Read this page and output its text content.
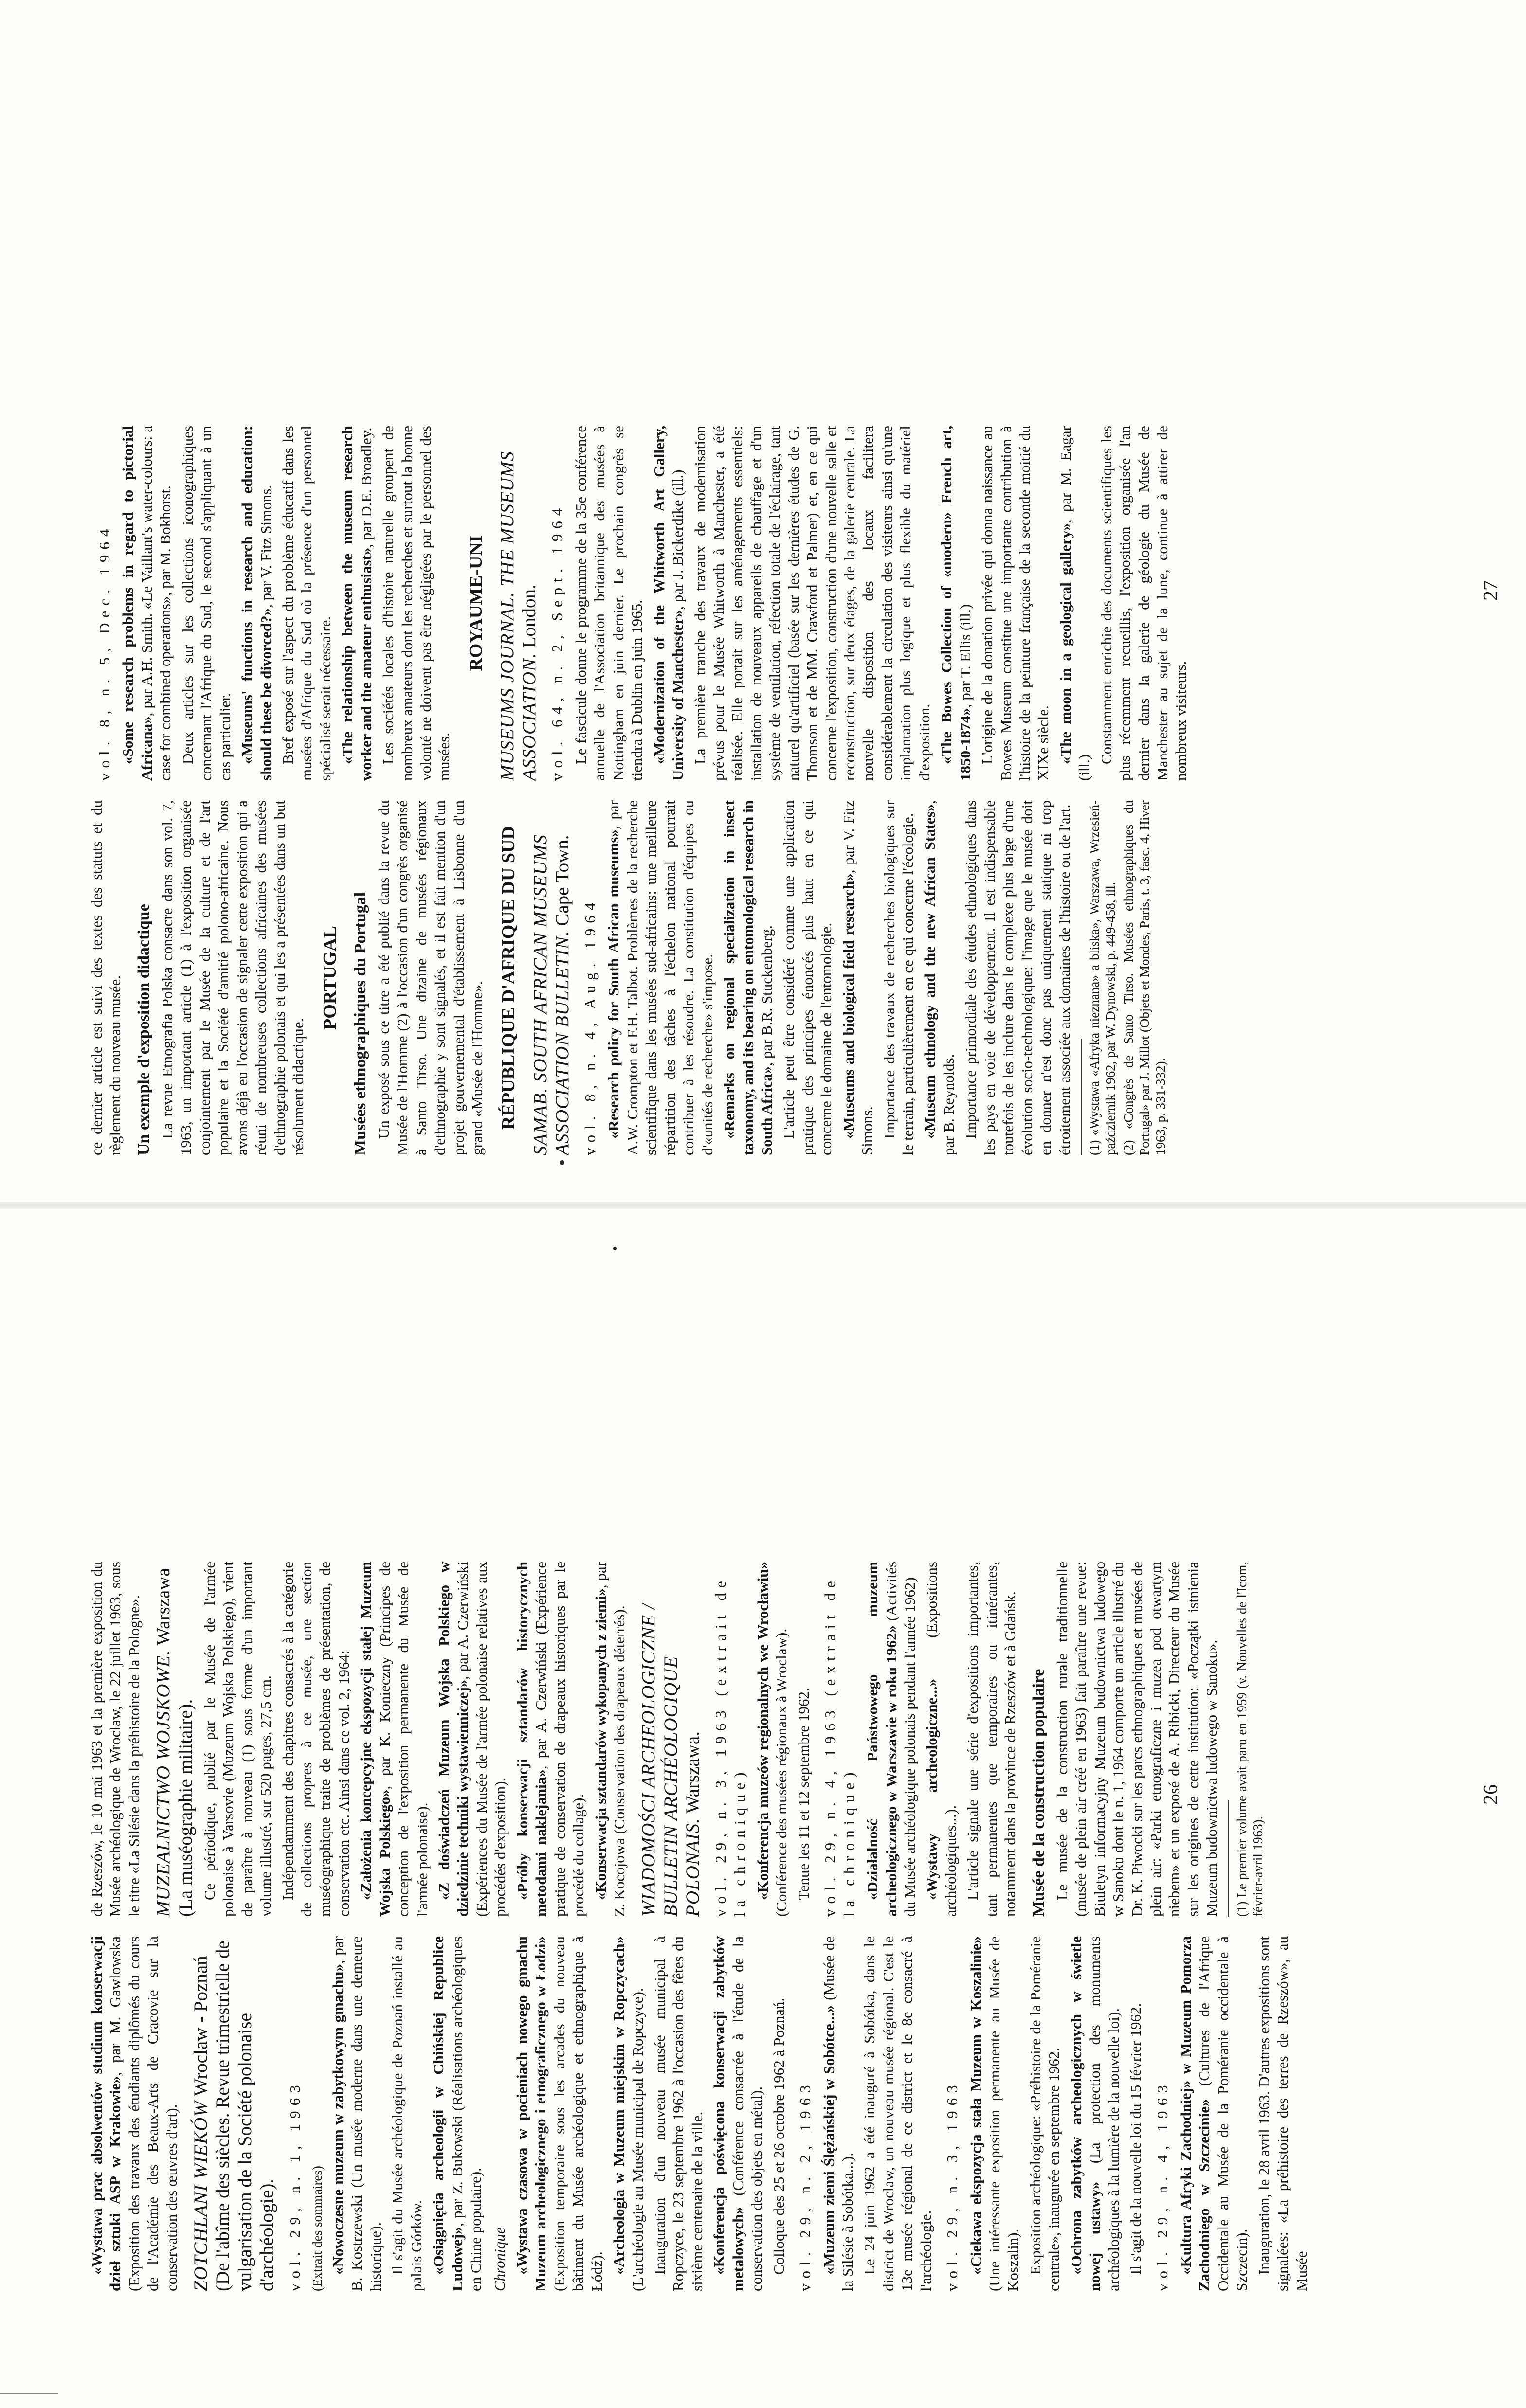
«Wystawa prac absolwentów studium konserwacji dzieł sztuki ASP w Krakowie», par M. Gawlowska (Exposition des travaux des étudiants diplômés du cours de l'Académie des Beaux-Arts de Cracovie sur la conservation des œuvres d'art). ZOTCHLANI WIEKÓW Wroclaw - Poznań (De l'abîme des siècles. Revue trimestrielle de vulgarisation de la Société polonaise d'archéologie). vol. 29, n. 1, 1963 (Extrait des sommaires) «Nowoczesne muzeum w zabytkowym gmachu», par B. Kostrzewski (Un musée moderne dans une demeure historique). Il s'agit du Musée archéologique de Poznań installé au palais Górków. «Osiągnięcia archeologii w Chińskiej Republice Ludowej», par Z. Bukowski (Réalisations archéologiques en Chine populaire). Chronique «Wystawa czasowa w pocieniach nowego gmachu Muzeum archeologicznego i etnograficznego w Łodzi» (Exposition temporaire sous les arcades du nouveau bâtiment du Musée archéologique et ethnographique à Łódź). «Archeologia w Muzeum miejskim w Ropczycach» (L'archéologie au Musée municipal de Ropczyce). Inauguration d'un nouveau musée municipal à Ropczyce, le 23 septembre 1962 à l'occasion des fêtes du sixième centenaire de la ville. «Konferencja poświęcona konserwacji zabytków metalowych» (Conférence consacrée à l'étude de la conservation des objets en métal). Colloque des 25 et 26 octobre 1962 à Poznań. vol. 29, n. 2, 1963 «Muzeum ziemi Ślężańskiej w Sobótce...» (Musée de la Silésie à Sobótka...). Le 24 juin 1962 a été inauguré à Sobótka, dans le district de Wroclaw, un nouveau musée régional. C'est le 13e musée régional de ce district et le 8e consacré à l'archéologie. vol. 29, n. 3, 1963 «Ciekawa ekspozycja stała Muzeum w Koszalinie» (Une intéressante exposition permanente au Musée de Koszalin). Exposition archéologique: «Préhistoire de la Poméranie centrale», inaugurée en septembre 1962. «Ochrona zabytków archeologicznych w świetle nowej ustawy» (La protection des monuments archéologiques à la lumière de la nouvelle loi). Il s'agit de la nouvelle loi du 15 février 1962. vol. 29, n. 4, 1963 «Kultura Afryki Zachodniej» w Muzeum Pomorza Zachodniego w Szczecinie» (Cultures de l'Afrique Occidentale au Musée de la Poméranie occidentale à Szczecin). Inauguration, le 28 avril 1963. D'autres expositions sont signalées: «La préhistoire des terres de Rzeszów», au Musée

de Rzeszów, le 10 mai 1963 et la première exposition du Musée archéologique de Wroclaw, le 22 juillet 1963, sous le titre «La Silésie dans la préhistoire de la Pologne». MUZEALNICTWO WOJSKOWE. Warszawa (La muséographie militaire). Ce périodique, publié par le Musée de l'armée polonaise à Varsovie (Muzeum Wojska Polskiego), vient de paraître à nouveau (1) sous forme d'un important volume illustré, sur 520 pages, 27,5 cm. Indépendamment des chapitres consacrés à la catégorie de collections propres à ce musée, une section muséographique traite de problèmes de présentation, de conservation etc. Ainsi dans ce vol. 2, 1964: «Założenia koncepcyjne ekspozycji stałej Muzeum Wojska Polskiego», par K. Konieczny (Principes de conception de l'exposition permanente du Musée de l'armée polonaise). «Z doświadczeń Muzeum Wojska Polskiego w dziedzinie techniki wystawienniczej», par A. Czerwiński (Expériences du Musée de l'armée polonaise relatives aux procédés d'exposition). «Próby konserwacji sztandarów historycznych metodami naklejania», par A. Czerwiński (Expérience pratique de conservation de drapeaux historiques par le procédé du collage). «Konserwacja sztandarów wykopanych z ziemi», par Z. Kocojowa (Conservation des drapeaux déterrés). WIADOMOŚCI ARCHEOLOGICZNE / BULLETIN ARCHÉOLOGIQUE POLONAIS. Warszawa. vol. 29, n. 3, 1963 (extrait de la chronique) «Konferencja muzeów regionalnych we Wrocławiu» (Conférence des musées régionaux à Wroclaw). Tenue les 11 et 12 septembre 1962. vol. 29, n. 4, 1963 (extrait de la chronique) «Działalność Państwowego muzeum archeologicznego w Warszawie w roku 1962» (Activités du Musée archéologique polonais pendant l'année 1962) «Wystawy archeologiczne...» (Expositions archéologiques...). L'article signale une série d'expositions importantes, tant permanentes que temporaires ou itinérantes, notamment dans la province de Rzeszów et à Gdańsk. Musée de la construction populaire Le musée de la construction rurale traditionnelle (musée de plein air créé en 1963) fait paraître une revue: Biuletyn informacyjny Muzeum budownictwa ludowego w Sanoku dont le n. 1, 1964 comporte un article illustré du Dr. K. Piwocki sur les parcs ethnographiques et musées de plein air: «Parki etnograficzne i muzea pod otwartym niebem» et un exposé de A. Ribicki, Directeur du Musée sur les origines de cette institution: «Początki istnienia Muzeum budownictwa ludowego w Sanoku». (1) Le premier volume avait paru en 1959 (v. Nouvelles de l'Icom, février-avril 1963).

26

ce dernier article est suivi des textes des statuts et du règlement du nouveau musée. Un exemple d'exposition didactique La revue Etnografia Polska consacre dans son vol. 7, 1963, un important article (1) à l'exposition organisée conjointement par le Musée de la culture et de l'art populaire et la Société d'amitié polono-africaine. Nous avons déjà eu l'occasion de signaler cette exposition qui a réuni de nombreuses collections africaines des musées d'ethnographie polonais et qui les a présentées dans un but résolument didactique.

PORTUGAL Musées ethnographiques du Portugal Un exposé sous ce titre a été publié dans la revue du Musée de l'Homme (2) à l'occasion d'un congrès organisé à Santo Tirso. Une dizaine de musées régionaux d'ethnographie y sont signalés, et il est fait mention d'un projet gouvernemental d'établissement à Lisbonne d'un grand «Musée de l'Homme». RÉPUBLIQUE D'AFRIQUE DU SUD SAMAB. SOUTH AFRICAN MUSEUMS ASSOCIATION BULLETIN. Cape Town.

vol. 8, n. 4, Aug. 1964 «Research policy for South African museums», par A.W. Crompton et F.H. Talbot. Problèmes de la recherche scientifique dans les musées sud-africains: une meilleure répartition des tâches à l'échelon national pourrait contribuer à les résoudre. La constitution d'équipes ou d'«unités de recherche» s'impose. «Remarks on regional specialization in insect taxonomy, and its bearing on entomological research in South Africa», par B.R. Stuckenberg. L'article peut être considéré comme une application pratique des principes énoncés plus haut en ce qui concerne le domaine de l'entomologie. «Museums and biological field research», par V. Fitz Simons. Importance des travaux de recherches biologiques sur le terrain, particulièrement en ce qui concerne l'écologie. «Museum ethnology and the new African States», par B. Reynolds. Importance primordiale des études ethnologiques dans les pays en voie de développement. Il est indispensable toutefois de les inclure dans le complexe plus large d'une évolution socio-technologique: l'image que le musée doit en donner n'est donc pas uniquement statique ni trop étroitement associée aux domaines de l'histoire ou de l'art. (1) «Wystawa «Afryka nieznana» a bliska», Warszawa, Wrzesień-październik 1962, par W. Dynowski, p. 449-458, ill. (2) «Congrès de Santo Tirso. Musées ethnographiques du Portugal» par J. Millot (Objets et Mondes, Paris, t. 3, fasc. 4, Hiver 1963, p. 331-332).

vol. 8, n. 5, Dec. 1964 «Some research problems in regard to pictorial Africana», par A.H. Smith. «Le Vaillant's water-colours: a case for combined operations», par M. Bokhorst. Deux articles sur les collections iconographiques concernant l'Afrique du Sud, le second s'appliquant à un cas particulier. «Museums' functions in research and education: should these be divorced?», par V. Fitz Simons. Bref exposé sur l'aspect du problème éducatif dans les musées d'Afrique du Sud où la présence d'un personnel spécialisé serait nécessaire. «The relationship between the museum research worker and the amateur enthusiast», par D.E. Broadley. Les sociétés locales d'histoire naturelle groupent de nombreux amateurs dont les recherches et surtout la bonne volonté ne doivent pas être négligées par le personnel des musées.

ROYAUME-UNI MUSEUMS JOURNAL. THE MUSEUMS ASSOCIATION. London. vol. 64, n. 2, Sept. 1964 Le fascicule donne le programme de la 35e conférence annuelle de l'Association britannique des musées à Nottingham en juin dernier. Le prochain congrès se tiendra à Dublin en juin 1965. «Modernization of the Whitworth Art Gallery, University of Manchester», par J. Bickerdike (ill.) La première tranche des travaux de modernisation prévus pour le Musée Whitworth à Manchester, a été réalisée. Elle portait sur les aménagements essentiels: installation de nouveaux appareils de chauffage et d'un système de ventilation, réfection totale de l'éclairage, tant naturel qu'artificiel (basée sur les dernières études de G. Thomson et de MM. Crawford et Palmer) et, en ce qui concerne l'exposition, construction d'une nouvelle salle et reconstruction, sur deux étages, de la galerie centrale. La nouvelle disposition des locaux facilitera considérablement la circulation des visiteurs ainsi qu'une implantation plus logique et plus flexible du matériel d'exposition. «The Bowes Collection of «modern» French art, 1850-1874», par T. Ellis (ill.) L'origine de la donation privée qui donna naissance au Bowes Museum constitue une importante contribution à l'histoire de la peinture française de la seconde moitié du XIXe siècle. «The moon in a geological gallery», par M. Eagar (ill.)

Constamment enrichie des documents scientifiques les plus récemment recueillis, l'exposition organisée l'an dernier dans la galerie de géologie du Musée de Manchester au sujet de la lune, continue à attirer de nombreux visiteurs.

27
